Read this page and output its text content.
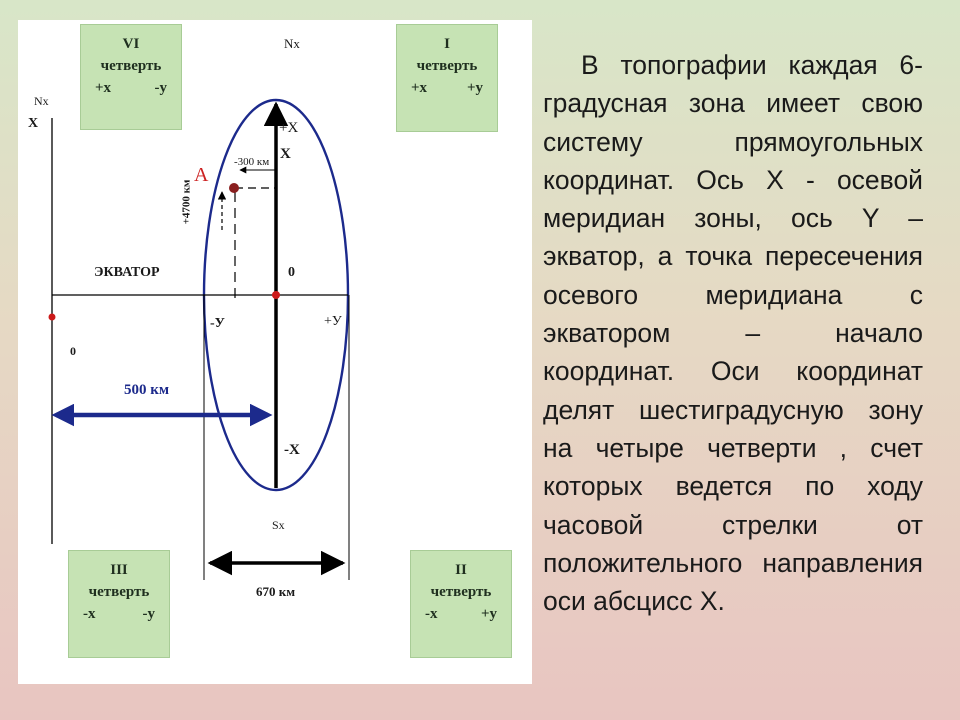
VI
четверть
+x	-y
I
четверть
+x	+y
III
четверть
-x	-y
II
четверть
-x	+y
Nx
Nx
X	+X
X
A
-300 км
+4700 км
ЭКВАТОР	0
0
-У	+У
500 км
-X
Sx
670 км
В топографии каждая 6-градусная зона имеет свою систему прямоугольных координат. Ось X - осевой меридиан зоны, ось Y – экватор, а точка пересечения осевого меридиана с экватором – начало координат. Оси координат делят шестиградусную зону на четыре четверти , счет которых ведется по ходу часовой стрелки от положительного направления оси абсцисс X.
